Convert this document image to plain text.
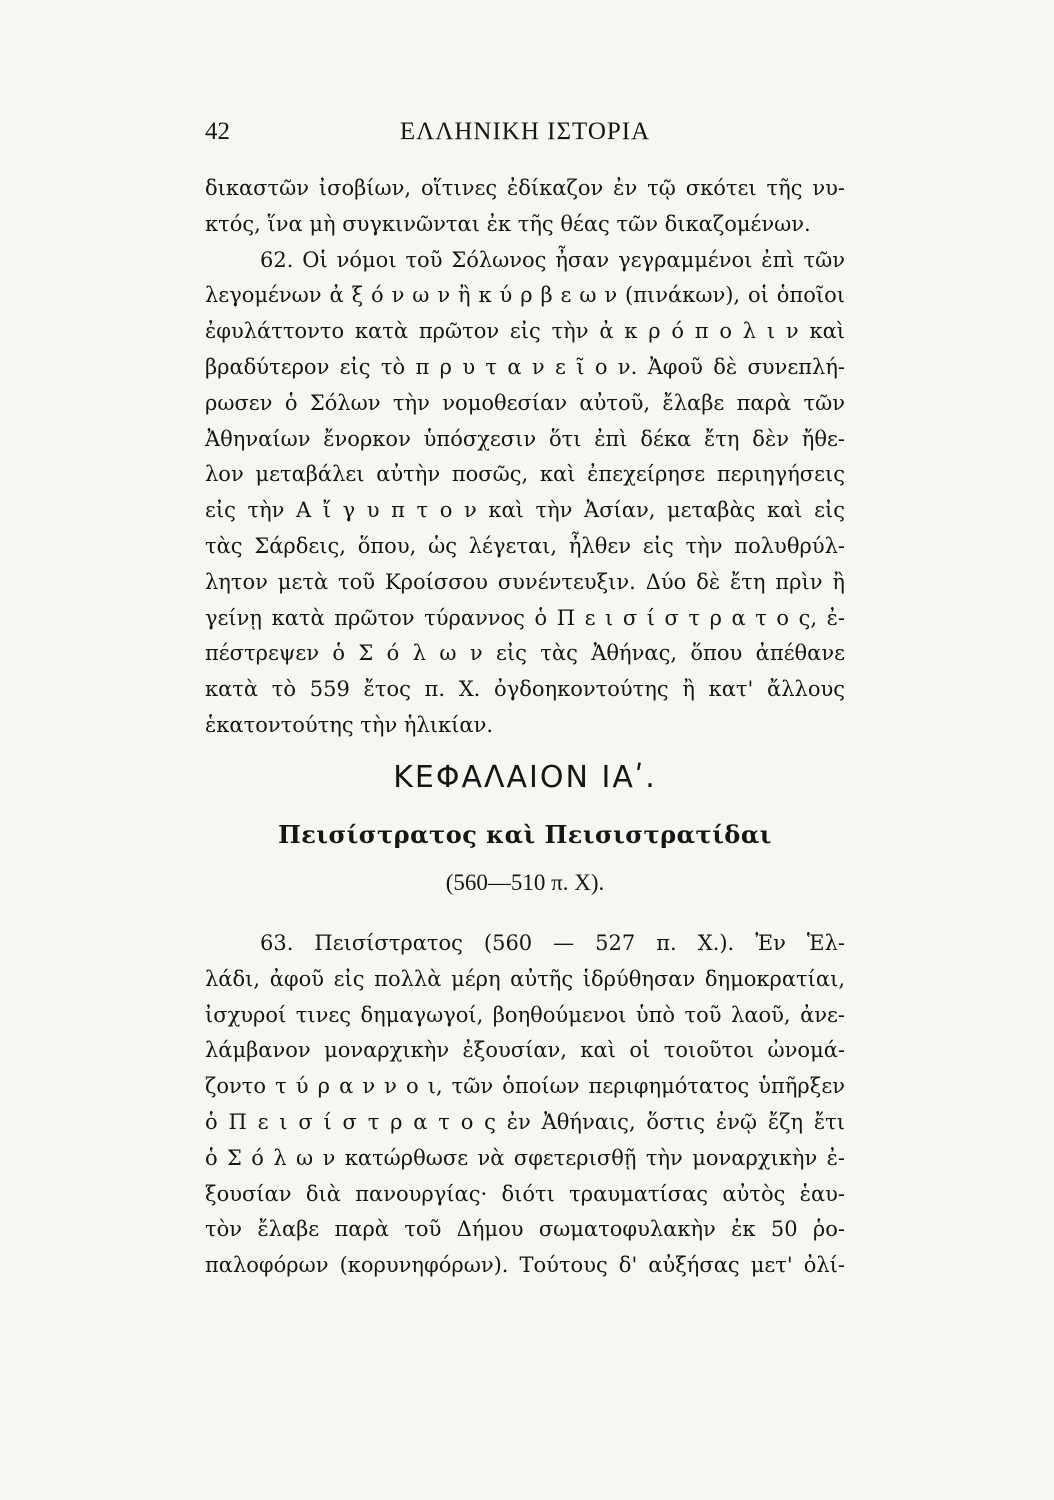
42	ΕΛΛΗΝΙΚΗ ΙΣΤΟΡΙΑ
δικαστῶν ἰσοβίων, οἵτινες ἐδίκαζον ἐν τῷ σκότει τῆς νυ-
κτός, ἵνα μὴ συγκινῶνται ἐκ τῆς θέας τῶν δικαζομένων.
62. Οἱ νόμοι τοῦ Σόλωνος ἦσαν γεγραμμένοι ἐπὶ τῶν
λεγομένων ἀ ξ ό ν ω ν ἢ κ ύ ρ β ε ω ν (πινάκων), οἱ ὁποῖοι
ἐφυλάττοντο κατὰ πρῶτον εἰς τὴν ἀ κ ρ ό π ο λ ι ν καὶ
βραδύτερον εἰς τὸ π ρ υ τ α ν ε ῖ ο ν. Ἀφοῦ δὲ συνεπλή-
ρωσεν ὁ Σόλων τὴν νομοθεσίαν αὐτοῦ, ἔλαβε παρὰ τῶν
Ἀθηναίων ἔνορκον ὑπόσχεσιν ὅτι ἐπὶ δέκα ἔτη δὲν ἤθε-
λον μεταβάλει αὐτὴν ποσῶς, καὶ ἐπεχείρησε περιηγήσεις
εἰς τὴν Α ἴ γ υ π τ ο ν καὶ τὴν Ἀσίαν, μεταβὰς καὶ εἰς
τὰς Σάρδεις, ὅπου, ὡς λέγεται, ἦλθεν εἰς τὴν πολυθρύλ-
λητον μετὰ τοῦ Κροίσσου συνέντευξιν. Δύο δὲ ἔτη πρὶν ἢ
γείνῃ κατὰ πρῶτον τύραννος ὁ Π ε ι σ ί σ τ ρ α τ ο ς, ἐ-
πέστρεψεν ὁ Σ ό λ ω ν εἰς τὰς Ἀθήνας, ὅπου ἀπέθανε
κατὰ τὸ 559 ἔτος π. Χ. ὀγδοηκοντούτης ἢ κατ' ἄλλους
ἑκατοντούτης τὴν ἡλικίαν.
ΚΕΦΑΛΑΙΟΝ ΙΑʹ.
Πεισίστρατος καὶ Πεισιστρατίδαι
(560—510 π. Χ).
63. Πεισίστρατος (560 — 527 π. Χ.). Ἐν Ἑλ-
λάδι, ἀφοῦ εἰς πολλὰ μέρη αὐτῆς ἱδρύθησαν δημοκρατίαι,
ἰσχυροί τινες δημαγωγοί, βοηθούμενοι ὑπὸ τοῦ λαοῦ, ἀνε-
λάμβανον μοναρχικὴν ἐξουσίαν, καὶ οἱ τοιοῦτοι ὠνομά-
ζοντο τ ύ ρ α ν ν ο ι, τῶν ὁποίων περιφημότατος ὑπῆρξεν
ὁ Π ε ι σ ί σ τ ρ α τ ο ς ἐν Ἀθήναις, ὅστις ἐνῷ ἔζη ἔτι
ὁ Σ ό λ ω ν κατώρθωσε νὰ σφετερισθῇ τὴν μοναρχικὴν ἐ-
ξουσίαν διὰ πανουργίας· διότι τραυματίσας αὐτὸς ἑαυ-
τὸν ἔλαβε παρὰ τοῦ Δήμου σωματοφυλακὴν ἐκ 50 ῥο-
παλοφόρων (κορυνηφόρων). Τούτους δ' αὐξήσας μετ' ὀλί-
